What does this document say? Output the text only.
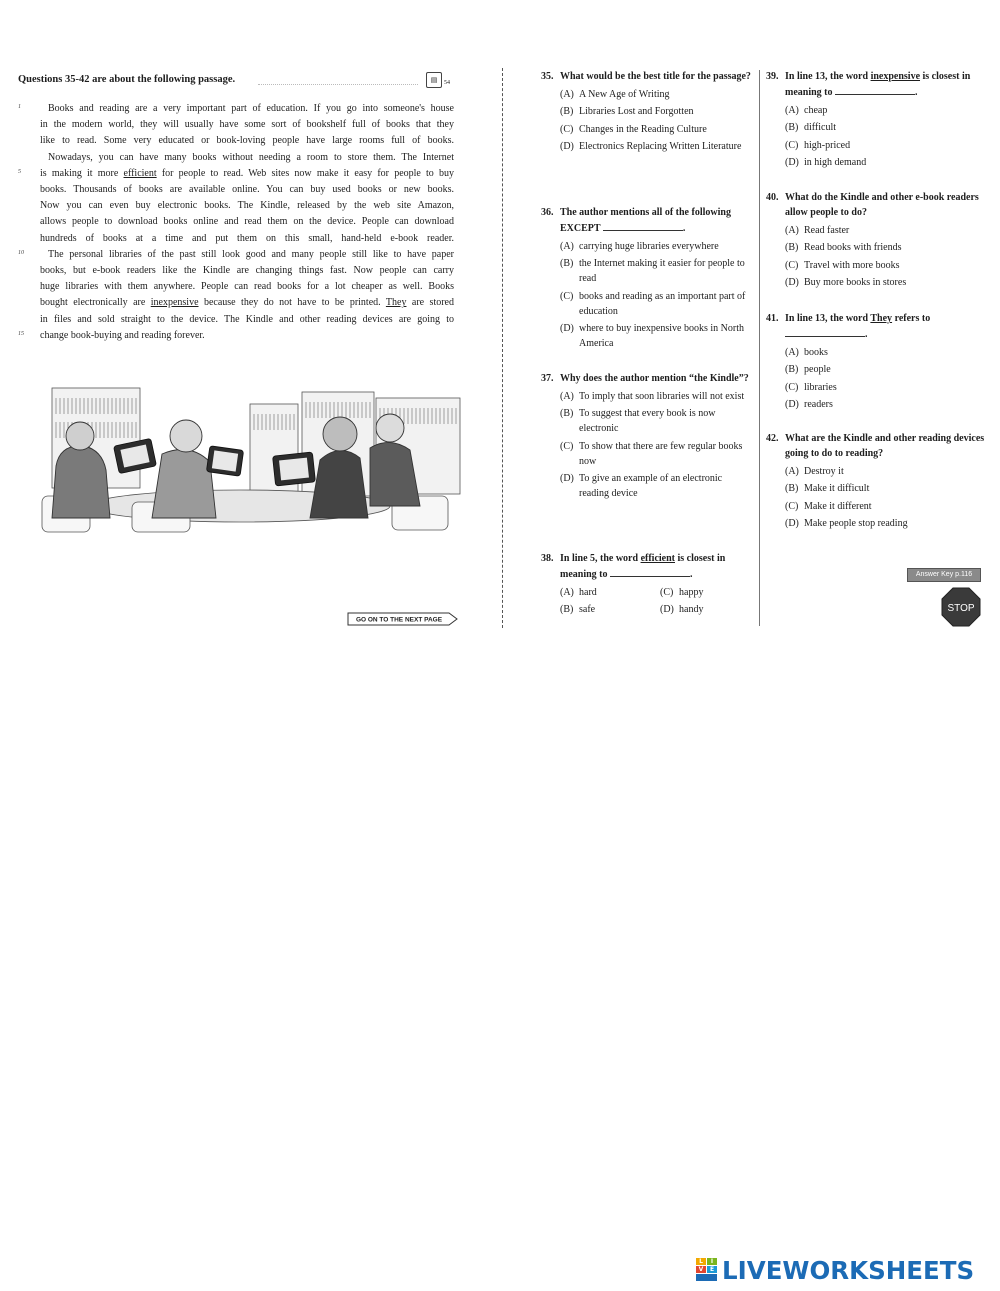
Questions 35-42 are about the following passage.	▤	54
Books and reading are a very important part of education. If you go into someone's house
in the modern world, they will usually have some sort of bookshelf full of books that they
like to read. Some very educated or book-loving people have large rooms full of books.
Nowadays, you can have many books without needing a room to store them. The Internet
is making it more efficient for people to read. Web sites now make it easy for people to buy
books. Thousands of books are available online. You can buy used books or new books.
Now you can even buy electronic books. The Kindle, released by the web site Amazon,
allows people to download books online and read them on the device. People can download
hundreds of books at a time and put them on this small, hand-held e-book reader.
The personal libraries of the past still look good and many people still like to have paper
books, but e-book readers like the Kindle are changing things fast. Now people can carry
huge libraries with them anywhere. People can read books for a lot cheaper as well. Books
bought electronically are inexpensive because they do not have to be printed. They are stored
in files and sold straight to the device. The Kindle and other reading devices are going to
change book-buying and reading forever.
1
5
10
15
GO ON TO THE NEXT PAGE
35. What would be the best title for the passage?
(A) A New Age of Writing
(B) Libraries Lost and Forgotten
(C) Changes in the Reading Culture
(D) Electronics Replacing Written Literature
36. The author mentions all of the following EXCEPT	.
(A) carrying huge libraries everywhere
(B) the Internet making it easier for people to read
(C) books and reading as an important part of education
(D) where to buy inexpensive books in North America
37. Why does the author mention “the Kindle”?
(A) To imply that soon libraries will not exist
(B) To suggest that every book is now electronic
(C) To show that there are few regular books now
(D) To give an example of an electronic reading device
38. In line 5, the word efficient is closest in meaning to	.
(A) hard	(C) happy
(B) safe	(D) handy
39. In line 13, the word inexpensive is closest in meaning to	.
(A) cheap
(B) difficult
(C) high-priced
(D) in high demand
40. What do the Kindle and other e-book readers allow people to do?
(A) Read faster
(B) Read books with friends
(C) Travel with more books
(D) Buy more books in stores
41. In line 13, the word They refers to
.
(A) books
(B) people
(C) libraries
(D) readers
42. What are the Kindle and other reading devices going to do to reading?
(A) Destroy it
(B) Make it difficult
(C) Make it different
(D) Make people stop reading
Answer Key p.116
STOP
L	I
V	E LIVEWORKSHEETS
